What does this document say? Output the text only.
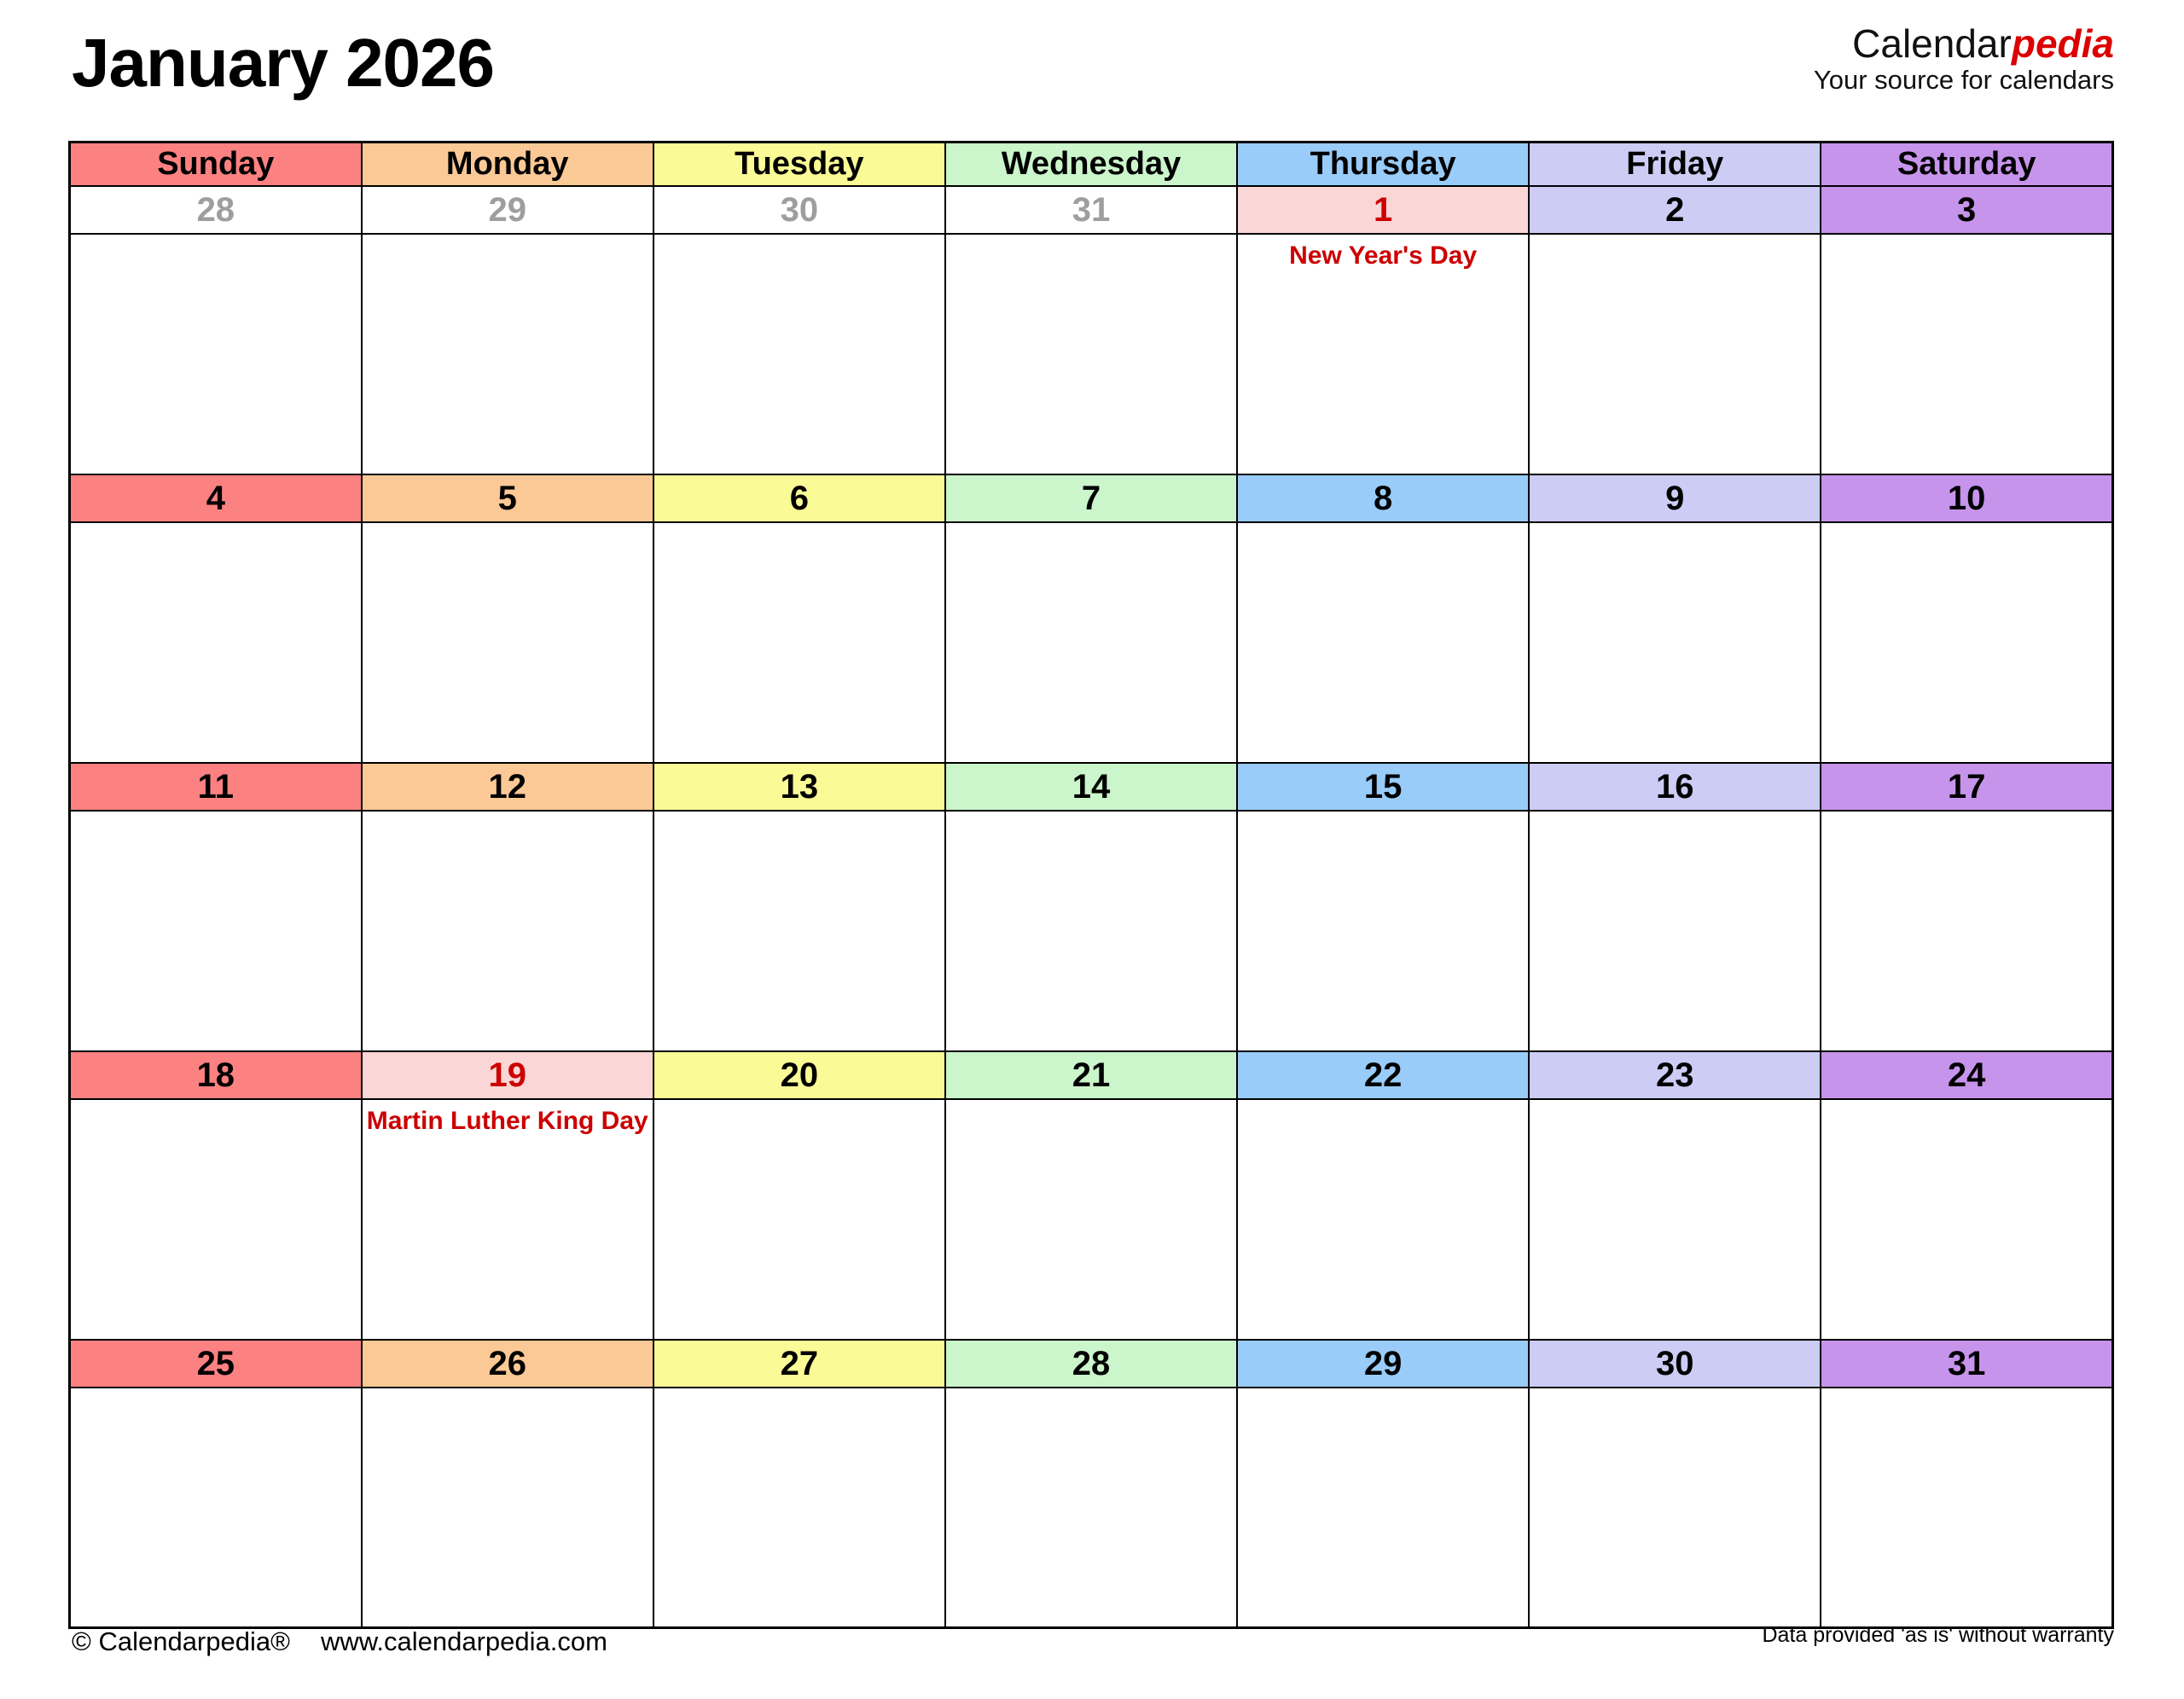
January 2026	Calendarpedia
Your source for calendars
Sunday	Monday	Tuesday	Wednesday	Thursday	Friday	Saturday
28	29	30	31	1	2	3
				New Year's Day		
4	5	6	7	8	9	10

11	12	13	14	15	16	17

18	19	20	21	22	23	24
	Martin Luther King Day					
25	26	27	28	29	30	31

© Calendarpedia® www.calendarpedia.com	Data provided 'as is' without warranty
